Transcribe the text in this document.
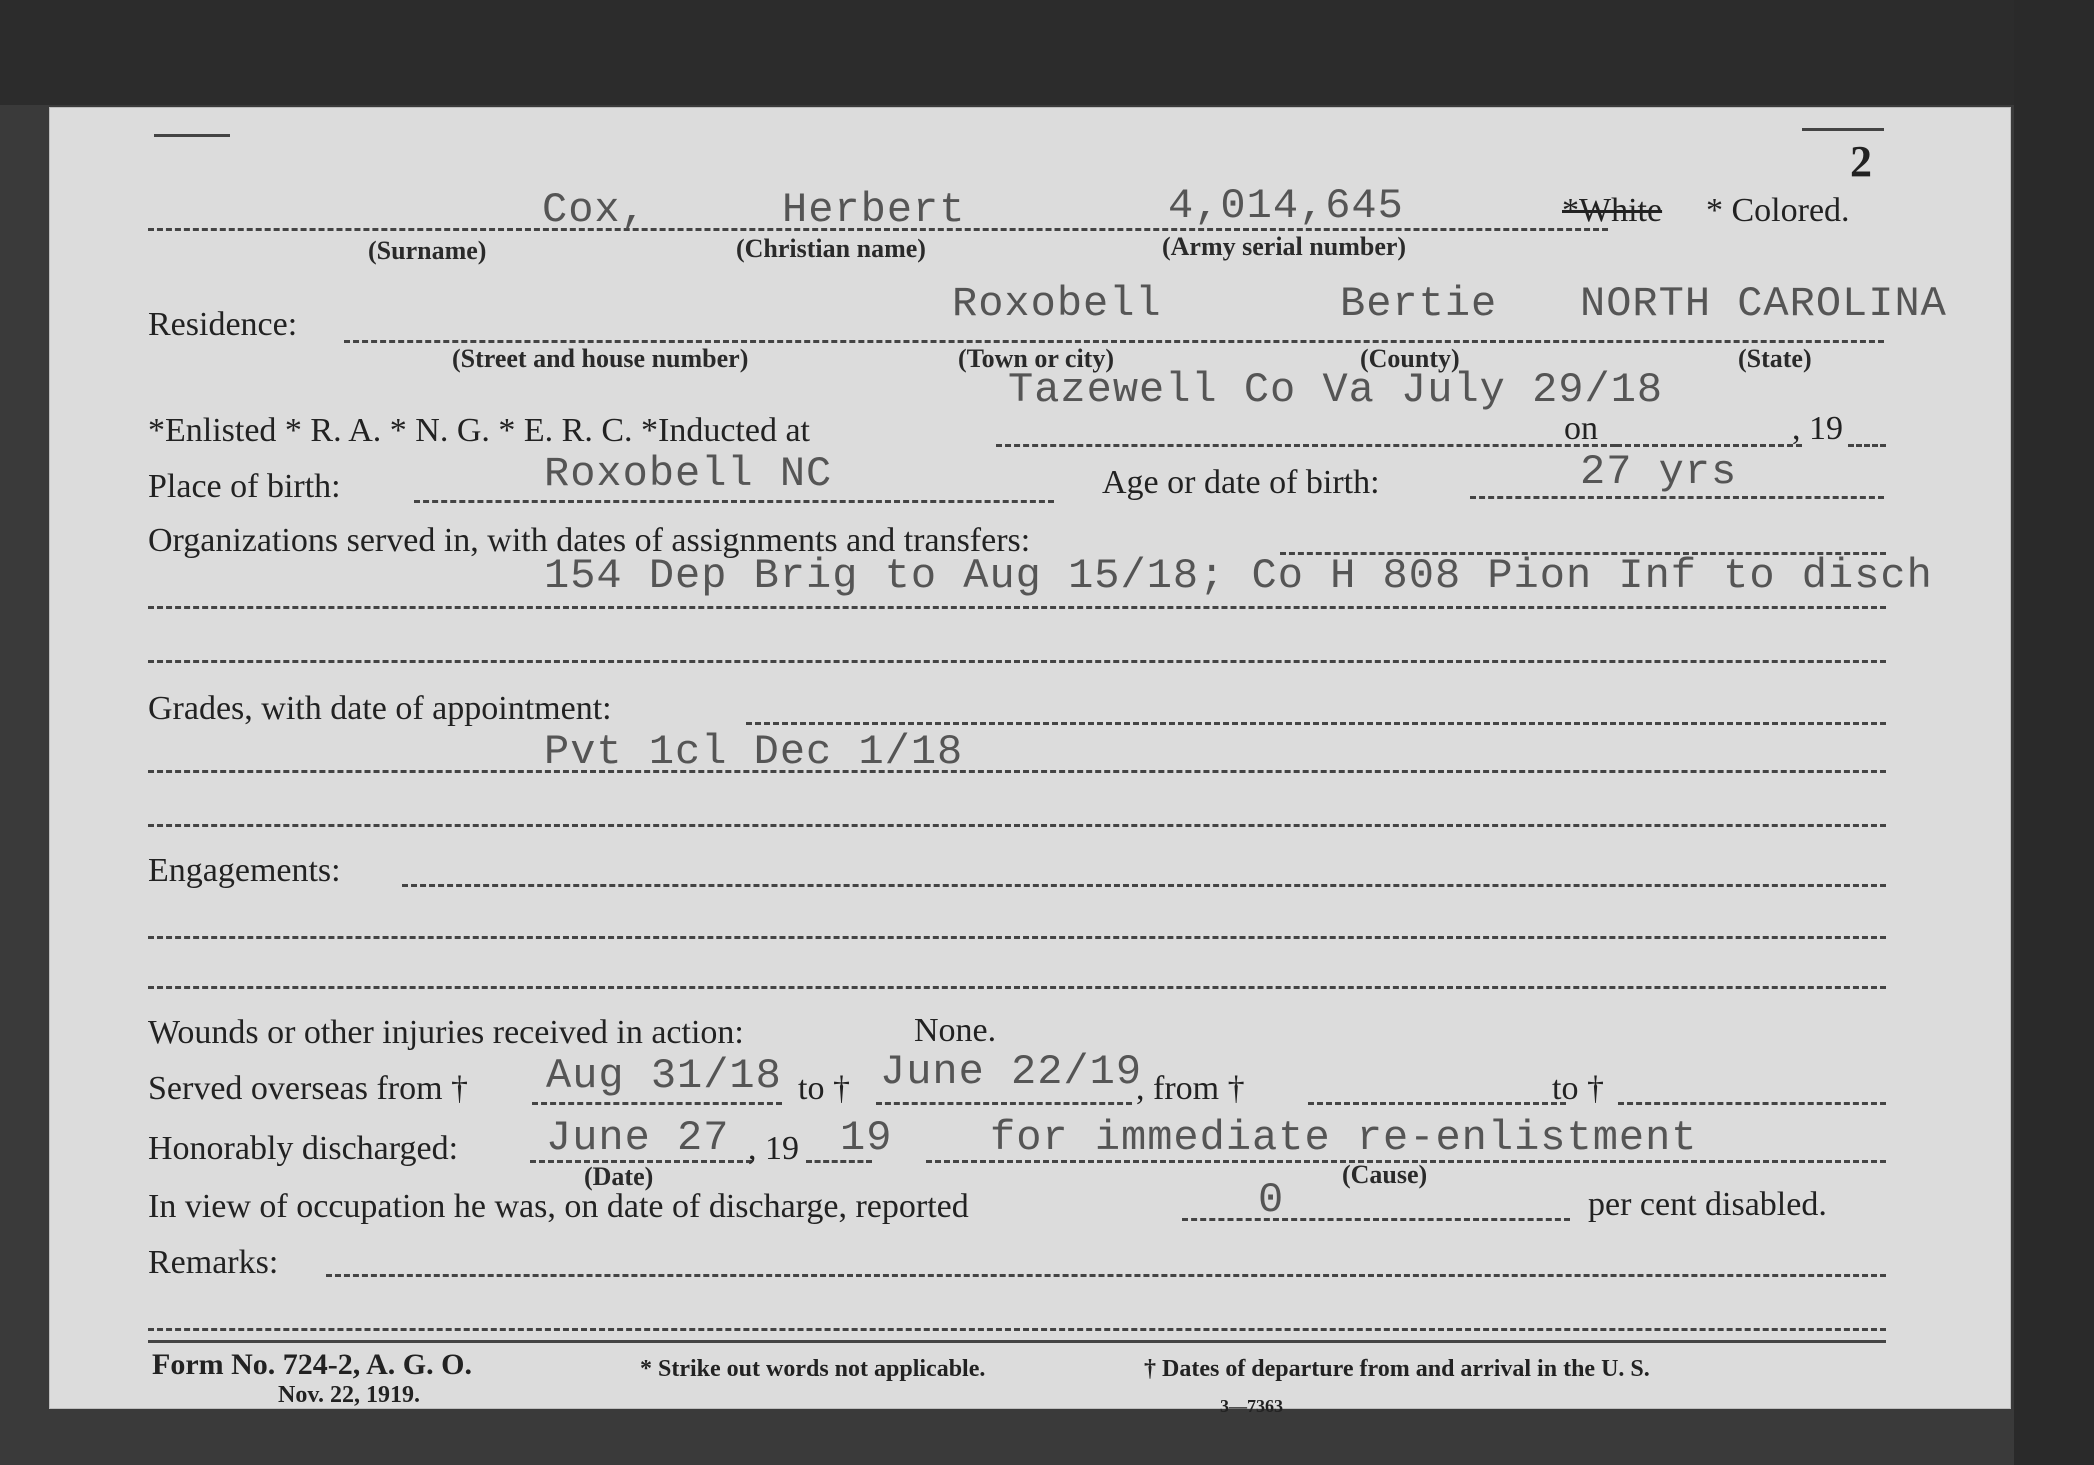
2
Cox,	Herbert	4,014,645	*White * Colored.
(Surname)	(Christian name)	(Army serial number)
Residence:	Roxobell	Bertie NORTH CAROLINA
(Street and house number)	(Town or city)	(County)	(State)
Tazewell Co Va July 29/18
*Enlisted * R. A. * N. G. * E. R. C. *Inducted at	on	, 19
Place of birth:	Roxobell NC	Age or date of birth:	27 yrs
Organizations served in, with dates of assignments and transfers:
154 Dep Brig to Aug 15/18; Co H 808 Pion Inf to disch
Grades, with date of appointment:
Pvt 1cl Dec 1/18
Engagements:
Wounds or other injuries received in action:	None.
Served overseas from † Aug 31/18 to † June 22/19
, from †	to †
Honorably discharged: June 27 , 19 19 for immediate re-enlistment
(Date)	(Cause)
In view of occupation he was, on date of discharge, reported	0	per cent disabled.
Remarks:
Form No. 724-2, A. G. O.
Nov. 22, 1919.
* Strike out words not applicable.	† Dates of departure from and arrival in the U. S.
3—7363
